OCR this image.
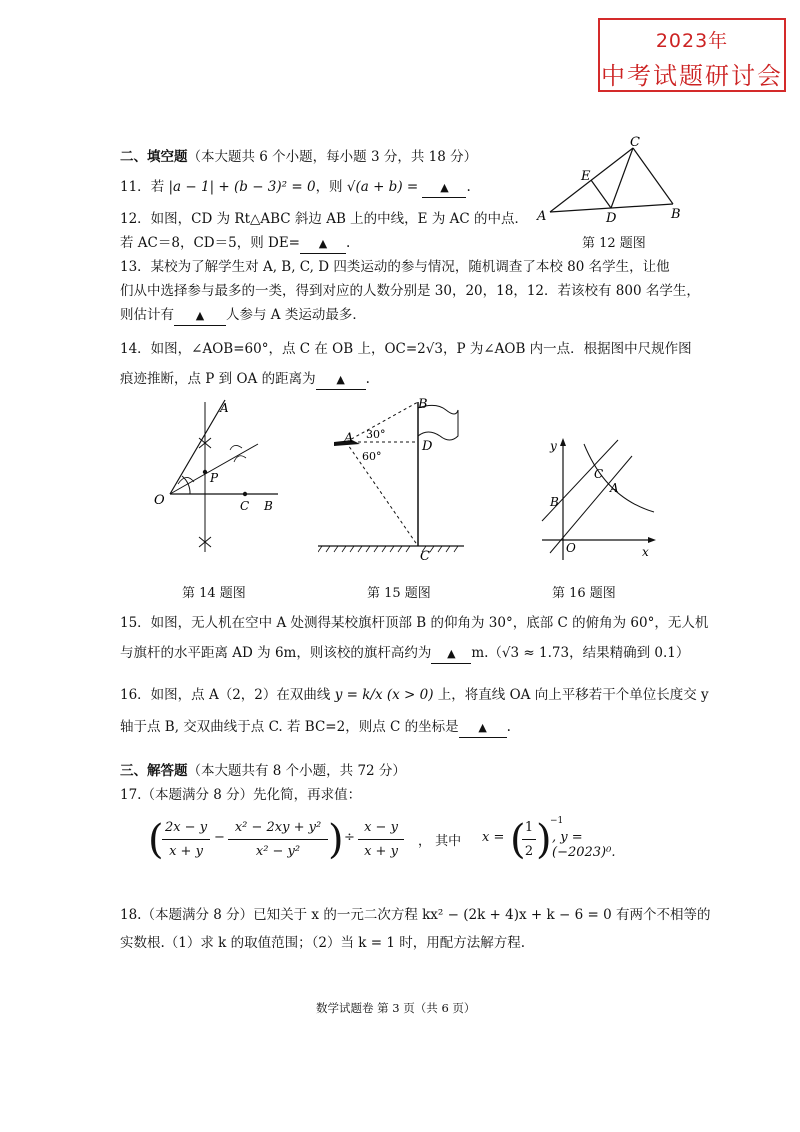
2023年
中考试题研讨会
二、填空题（本大题共 6 个小题，每小题 3 分，共 18 分）
11．若 |a − 1| + (b − 3)² = 0，则 √(a + b) = ▲ .
12．如图，CD 为 Rt△ABC 斜边 AB 上的中线，E 为 AC 的中点．
若 AC＝8，CD＝5，则 DE= ▲ .
A	B
C
D
E
第 12 题图
13．某校为了解学生对 A, B, C, D 四类运动的参与情况，随机调查了本校 80 名学生，让他
们从中选择参与最多的一类，得到对应的人数分别是 30，20，18，12．若该校有 800 名学生，
则估计有 ▲ 人参与 A 类运动最多．
14．如图，∠AOB=60°，点 C 在 OB 上，OC=2√3，P 为∠AOB 内一点．根据图中尺规作图
痕迹推断，点 P 到 OA 的距离为 ▲ .
A
O
P
C B
第 14 题图
A
B
D
C
30°
60°
第 15 题图
y
x
O
B
C
A
第 16 题图
15．如图，无人机在空中 A 处测得某校旗杆顶部 B 的仰角为 30°，底部 C 的俯角为 60°，无人机
与旗杆的水平距离 AD 为 6m，则该校的旗杆高约为 ▲ m.（√3 ≈ 1.73，结果精确到 0.1）
16．如图，点 A（2，2）在双曲线 y = k/x (x > 0) 上，将直线 OA 向上平移若干个单位长度交 y
轴于点 B, 交双曲线于点 C. 若 BC=2，则点 C 的坐标是 ▲ .
三、解答题（本大题共有 8 个小题，共 72 分）
17.（本题满分 8 分）先化简，再求值：
( 2x − y
x + y
−
x² − 2xy + y²
x² − y² ) ÷
x − y
x + y
， 其中 x = ( 1
2 )
−1
, y = (−2023)⁰.
18.（本题满分 8 分）已知关于 x 的一元二次方程 kx² − (2k + 4)x + k − 6 = 0 有两个不相等的
实数根.（1）求 k 的取值范围；（2）当 k = 1 时，用配方法解方程.
数学试题卷 第 3 页（共 6 页）
